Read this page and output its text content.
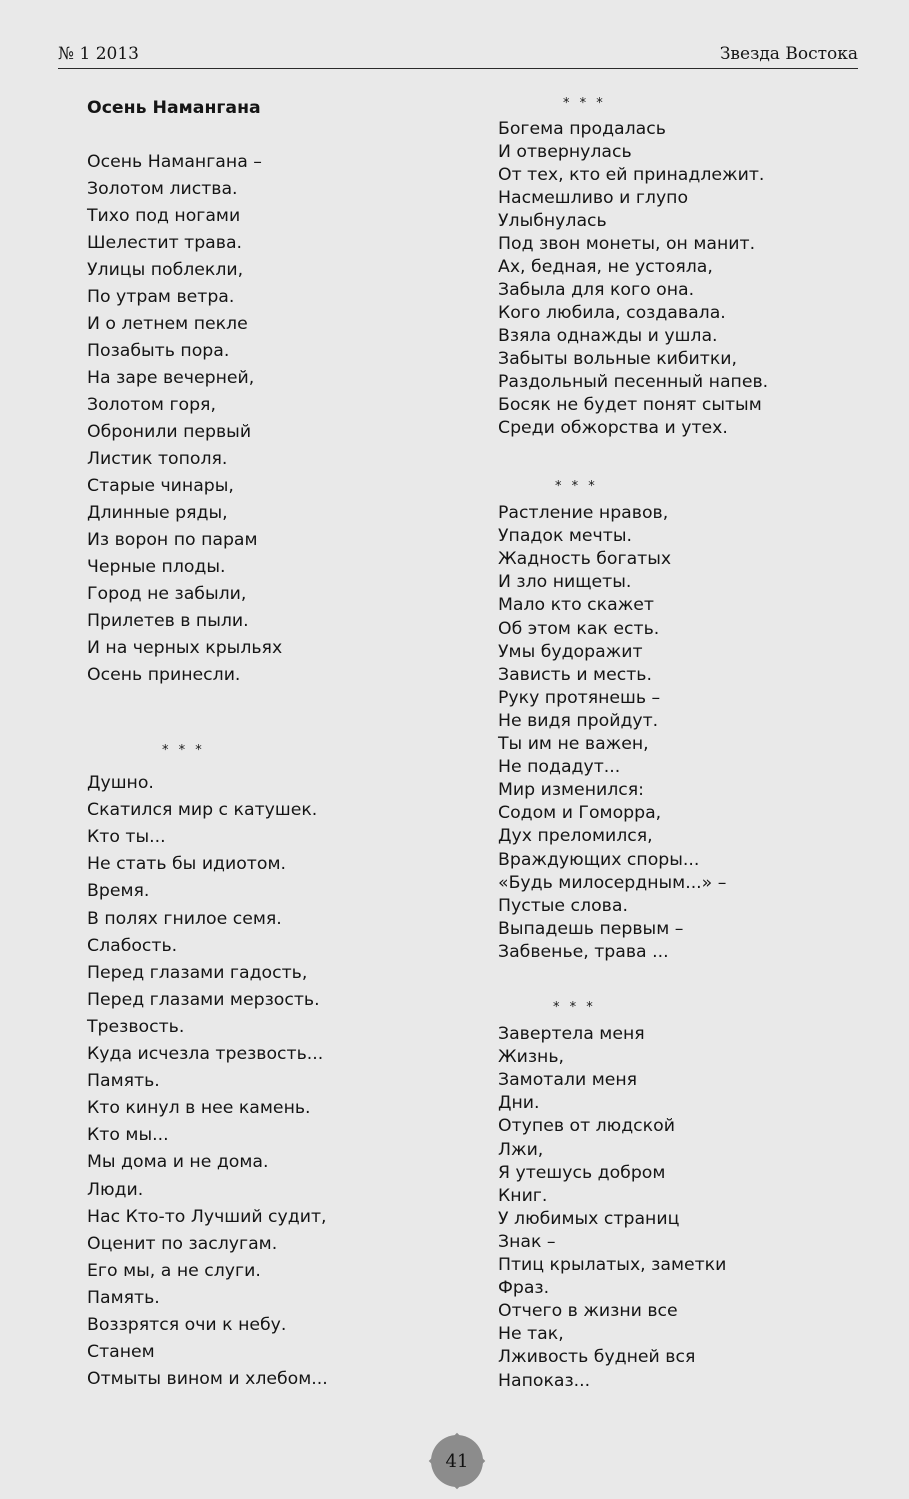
№ 1 2013	Звезда Востока
Осень Намангана
Осень Намангана –
Золотом листва.
Тихо под ногами
Шелестит трава.
Улицы поблекли,
По утрам ветра.
И о летнем пекле
Позабыть пора.
На заре вечерней,
Золотом горя,
Обронили первый
Листик тополя.
Старые чинары,
Длинные ряды,
Из ворон по парам
Черные плоды.
Город не забыли,
Прилетев в пыли.
И на черных крыльях
Осень принесли.
* * *
Душно.
Скатился мир с катушек.
Кто ты...
Не стать бы идиотом.
Время.
В полях гнилое семя.
Слабость.
Перед глазами гадость,
Перед глазами мерзость.
Трезвость.
Куда исчезла трезвость...
Память.
Кто кинул в нее камень.
Кто мы...
Мы дома и не дома.
Люди.
Нас Кто-то Лучший судит,
Оценит по заслугам.
Его мы, а не слуги.
Память.
Воззрятся очи к небу.
Станем
Отмыты вином и хлебом...
* * *
Богема продалась
И отвернулась
От тех, кто ей принадлежит.
Насмешливо и глупо
Улыбнулась
Под звон монеты, он манит.
Ах, бедная, не устояла,
Забыла для кого она.
Кого любила, создавала.
Взяла однажды и ушла.
Забыты вольные кибитки,
Раздольный песенный напев.
Босяк не будет понят сытым
Среди обжорства и утех.
* * *
Растление нравов,
Упадок мечты.
Жадность богатых
И зло нищеты.
Мало кто скажет
Об этом как есть.
Умы будоражит
Зависть и месть.
Руку протянешь –
Не видя пройдут.
Ты им не важен,
Не подадут...
Мир изменился:
Содом и Гоморра,
Дух преломился,
Враждующих споры...
«Будь милосердным...» –
Пустые слова.
Выпадешь первым –
Забвенье, трава ...
* * *
Завертела меня
Жизнь,
Замотали меня
Дни.
Отупев от людской
Лжи,
Я утешусь добром
Книг.
У любимых страниц
Знак –
Птиц крылатых, заметки
Фраз.
Отчего в жизни все
Не так,
Лживость будней вся
Напоказ...
41
